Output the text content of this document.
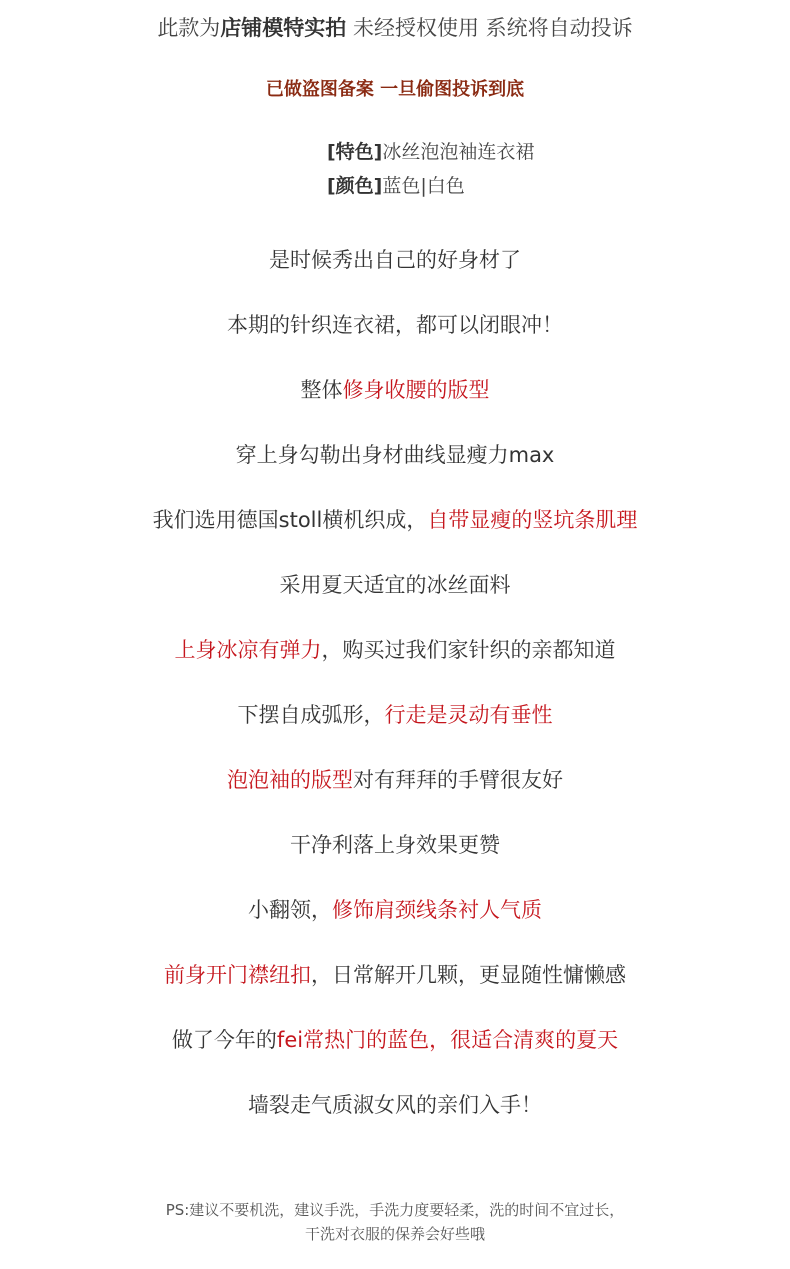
此款为店铺模特实拍 未经授权使用 系统将自动投诉
已做盗图备案 一旦偷图投诉到底
[特色]冰丝泡泡袖连衣裙
[颜色]蓝色|白色
是时候秀出自己的好身材了
本期的针织连衣裙，都可以闭眼冲！
整体修身收腰的版型
穿上身勾勒出身材曲线显瘦力max
我们选用德国stoll横机织成，自带显瘦的竖坑条肌理
采用夏天适宜的冰丝面料
上身冰凉有弹力，购买过我们家针织的亲都知道
下摆自成弧形，行走是灵动有垂性
泡泡袖的版型对有拜拜的手臂很友好
干净利落上身效果更赞
小翻领，修饰肩颈线条衬人气质
前身开门襟纽扣，日常解开几颗，更显随性慵懒感
做了今年的fei常热门的蓝色，很适合清爽的夏天
墙裂走气质淑女风的亲们入手！
PS:建议不要机洗，建议手洗，手洗力度要轻柔，洗的时间不宜过长，
干洗对衣服的保养会好些哦
